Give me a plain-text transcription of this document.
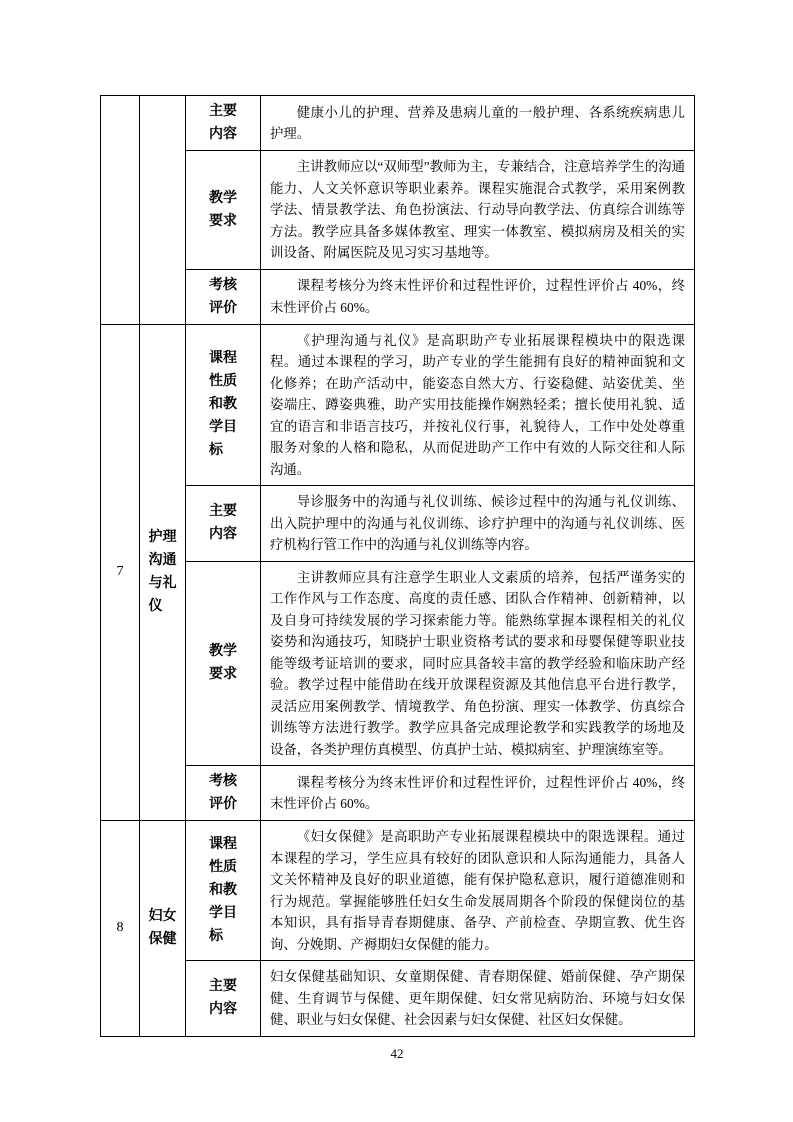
		主要内容	健康小儿的护理、营养及患病儿童的一般护理、各系统疾病患儿护理。

		教学要求	主讲教师应以“双师型”教师为主，专兼结合，注意培养学生的沟通能力、人文关怀意识等职业素养。课程实施混合式教学，采用案例教学法、情景教学法、角色扮演法、行动导向教学法、仿真综合训练等方法。教学应具备多媒体教室、理实一体教室、模拟病房及相关的实训设备、附属医院及见习实习基地等。

		考核评价	课程考核分为终末性评价和过程性评价，过程性评价占 40%，终末性评价占 60%。

7	护理沟通与礼仪	课程性质和教学目标	《护理沟通与礼仪》是高职助产专业拓展课程模块中的限选课程。通过本课程的学习，助产专业的学生能拥有良好的精神面貌和文化修养；在助产活动中，能姿态自然大方、行姿稳健、站姿优美、坐姿端庄、蹲姿典雅，助产实用技能操作娴熟轻柔；擅长使用礼貌、适宜的语言和非语言技巧，并按礼仪行事，礼貌待人，工作中处处尊重服务对象的人格和隐私，从而促进助产工作中有效的人际交往和人际沟通。

		主要内容	导诊服务中的沟通与礼仪训练、候诊过程中的沟通与礼仪训练、出入院护理中的沟通与礼仪训练、诊疗护理中的沟通与礼仪训练、医疗机构行管工作中的沟通与礼仪训练等内容。

		教学要求	主讲教师应具有注意学生职业人文素质的培养，包括严谨务实的工作作风与工作态度、高度的责任感、团队合作精神、创新精神，以及自身可持续发展的学习探索能力等。能熟练掌握本课程相关的礼仪姿势和沟通技巧，知晓护士职业资格考试的要求和母婴保健等职业技能等级考证培训的要求，同时应具备较丰富的教学经验和临床助产经验。教学过程中能借助在线开放课程资源及其他信息平台进行教学，灵活应用案例教学、情境教学、角色扮演、理实一体教学、仿真综合训练等方法进行教学。教学应具备完成理论教学和实践教学的场地及设备，各类护理仿真模型、仿真护士站、模拟病室、护理演练室等。

		考核评价	课程考核分为终末性评价和过程性评价，过程性评价占 40%，终末性评价占 60%。

8	妇女保健	课程性质和教学目标	《妇女保健》是高职助产专业拓展课程模块中的限选课程。通过本课程的学习，学生应具有较好的团队意识和人际沟通能力，具备人文关怀精神及良好的职业道德，能有保护隐私意识，履行道德准则和行为规范。掌握能够胜任妇女生命发展周期各个阶段的保健岗位的基本知识，具有指导青春期健康、备孕、产前检查、孕期宣教、优生咨询、分娩期、产褥期妇女保健的能力。

		主要内容	妇女保健基础知识、女童期保健、青春期保健、婚前保健、孕产期保健、生育调节与保健、更年期保健、妇女常见病防治、环境与妇女保健、职业与妇女保健、社会因素与妇女保健、社区妇女保健。

42
